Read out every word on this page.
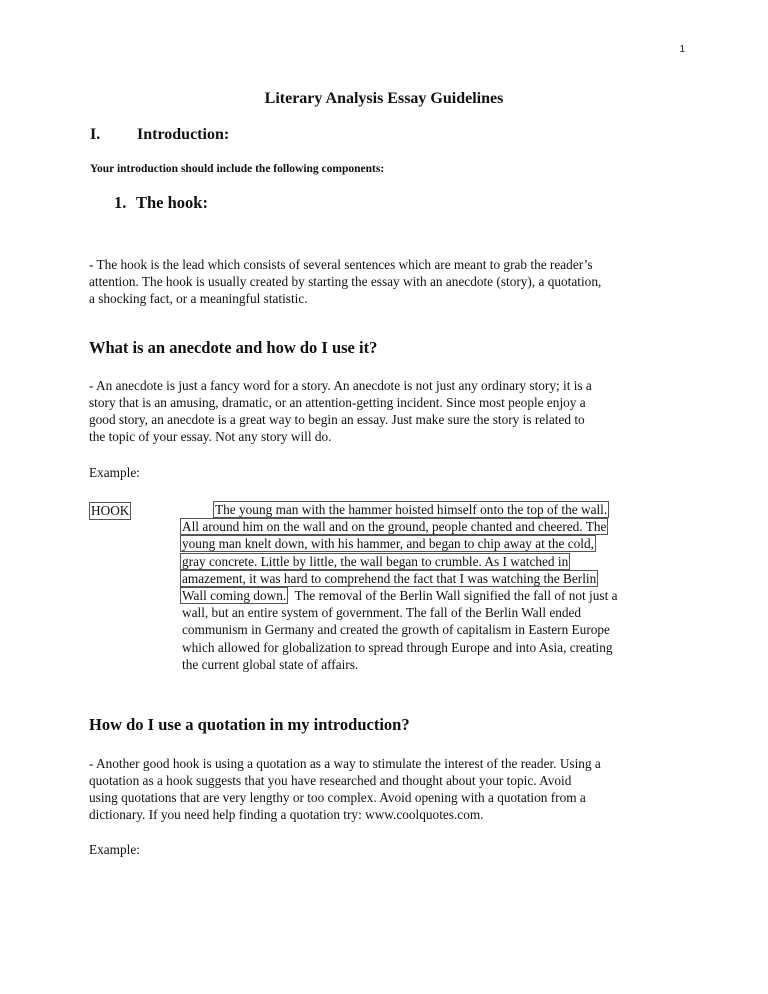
1
Literary Analysis Essay Guidelines
I. Introduction:
Your introduction should include the following components:
1. The hook:
- The hook is the lead which consists of several sentences which are meant to grab the reader’s
attention. The hook is usually created by starting the essay with an anecdote (story), a quotation,
a shocking fact, or a meaningful statistic.
What is an anecdote and how do I use it?
- An anecdote is just a fancy word for a story. An anecdote is not just any ordinary story; it is a
story that is an amusing, dramatic, or an attention-getting incident. Since most people enjoy a
good story, an anecdote is a great way to begin an essay. Just make sure the story is related to
the topic of your essay. Not any story will do.
Example:
HOOK	The young man with the hammer hoisted himself onto the top of the wall.
All around him on the wall and on the ground, people chanted and cheered. The
young man knelt down, with his hammer, and began to chip away at the cold,
gray concrete. Little by little, the wall began to crumble. As I watched in
amazement, it was hard to comprehend the fact that I was watching the Berlin
Wall coming down.  The removal of the Berlin Wall signified the fall of not just a
wall, but an entire system of government. The fall of the Berlin Wall ended
communism in Germany and created the growth of capitalism in Eastern Europe
which allowed for globalization to spread through Europe and into Asia, creating
the current global state of affairs.
How do I use a quotation in my introduction?
- Another good hook is using a quotation as a way to stimulate the interest of the reader. Using a
quotation as a hook suggests that you have researched and thought about your topic. Avoid
using quotations that are very lengthy or too complex. Avoid opening with a quotation from a
dictionary. If you need help finding a quotation try: www.coolquotes.com.
Example:
